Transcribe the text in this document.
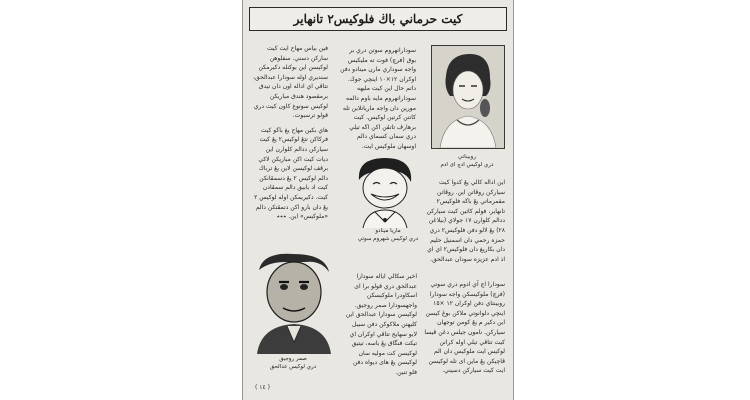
کيت حرماني باڬ فلوکيس٢ تانهاير
روبيناتي
دري لوکيس ادچ اى ادم

سوداراتهروم سوتن دري بر بوق (فرچ) فوت ته مليکيس واجه سوداري مارن مينادو دفن اوکران ١٢×١٠ اينچي جوڬ. داتم حال اين کيت مليهه سوداراتهروم مايه باوم دالمه مورين دان واجه مارياتلاين تله کانتن کرتين لوکيس. کيت برهارڤ تاتڤن اکن اڬه تيلي دري سمان کسماي دالم اوسهان ملوکيس ايت.

فين بياس مهاح ايت کيت سارکن دسني. سفلوهن لوکيسن اين بوکنله دکيرمکن سنديري اوله سودارا عبدالحق، تتاڤي اي اداله اون دان تيدق برمقصود هندق مباريکن لوکيس سوتوغ کاون کيت دري قولو ترسبوت.

هاي بکين مهاح يغ باڬو کيت فرکاکن تتڠ لوکيس٢ يڠ کيت سيارکن ددالم کلوارن اين ديات کيت اکن مباريکن لاکي برڤف لوکيسن لاين يڠ ترباڬ دالم لوکيس ٢ يڠ دسمڤانکن کيت اد بابيق دالم سمڤادن کيت. دکيريمکن اوله لوکيس ٢ يڠ دان بارو اکن دتمڤتکن دالم «ملوکيس» اين. ٭٭٭

ماريا مينادو
دري لوکيس شهروم سوتي

اين اداله کالي يڠ کدوا کيت سيارکن روڤاتن اين. روڤاتن مقمرماتي يڠ باڬه فلوکيس٢ تانهاير، فولم کاتين کيت سيارکن ددالم کلوارن ١٧ جولاي (بيلاڠن ٢٨) يڠ لالو دفن فلوکيس٢ دري حمزه رحمي دان اسمنيل حليم دان بکاريغ دان فلوکيس٢ اي اي اذ ادم عزيزه سودان عبدالحق.

صمر روجيق
دري لوکيس عدالحق

اخير سکالي اياله سودارا عبدالحق دري قولو برا اى اسکاودرا ملوکيسکن واجهسودارا صمر روجيق. لوکيسن سودارا عبدالحق اين کليهتن ملاکوکن دفن سيبل لايو سهايج تتاڤي اوکران اي تيکت فنگاق يڠ باسه، تيتيق لوکيسن کت موليه سان لوکيسن يڠ هاى ديواه دفن فلو تنين.

سودارا اچ آي ادوم دري سوتي (فرچ) ملوکيسکن واجه سودارا روبينتاي دفن اوکران ١٢ ×١٥ اينچي دلوانوتي ملاکن بوڠ کيسن اين دکير م يڠ کومن توجهان سيارکن. نامون جيلس دڠن ڤيسا کيت تتاڤي تيلي اوله کرانن لوکيس ايت ملوکيس دان الم ڤاچيکن يڠ ماين اى تله لوکيسن ايت کيت سيارکن دسيني.

( ١٤ )
